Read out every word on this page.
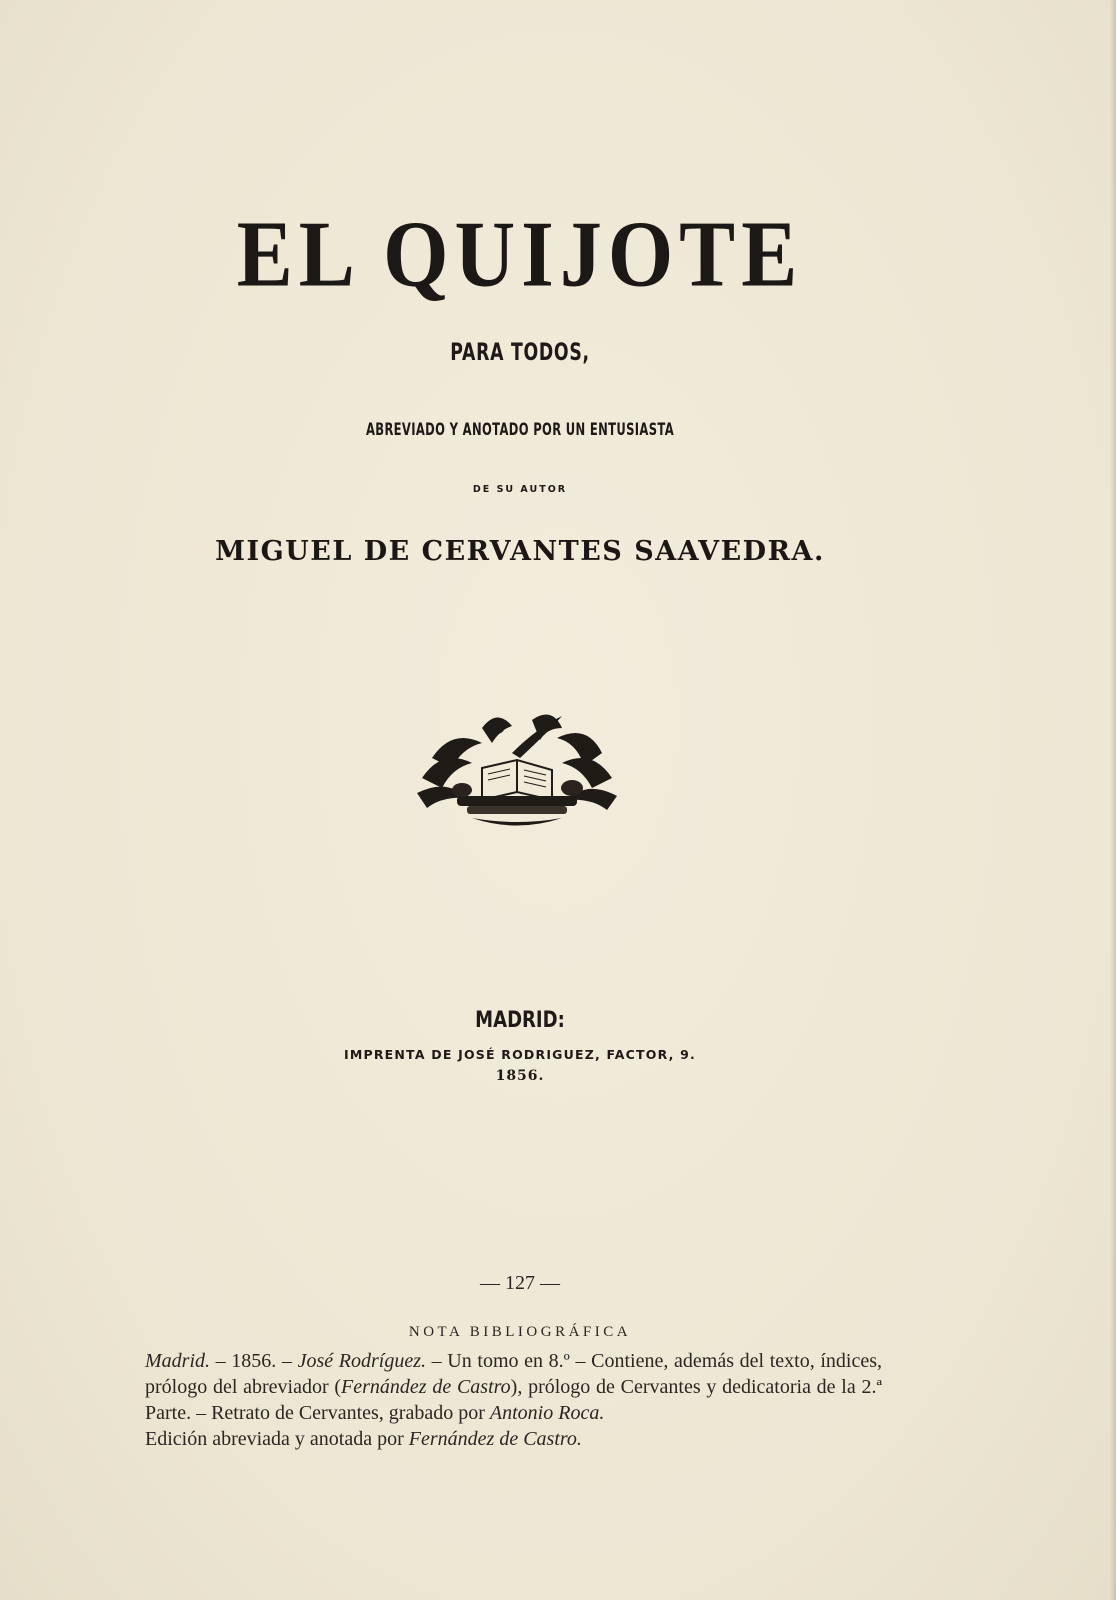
EL QUIJOTE
PARA TODOS,
ABREVIADO Y ANOTADO POR UN ENTUSIASTA
DE SU AUTOR
MIGUEL DE CERVANTES SAAVEDRA.
MADRID:
IMPRENTA DE JOSÉ RODRIGUEZ, FACTOR, 9.
1856.
— 127 —
NOTA BIBLIOGRÁFICA
Madrid. – 1856. – José Rodríguez. – Un tomo en 8.º – Contiene, además del texto, índices, prólogo del abreviador (Fernández de Castro), prólogo de Cervantes y dedicatoria de la 2.ª Parte. – Retrato de Cervantes, grabado por Antonio Roca.
Edición abreviada y anotada por Fernández de Castro.
